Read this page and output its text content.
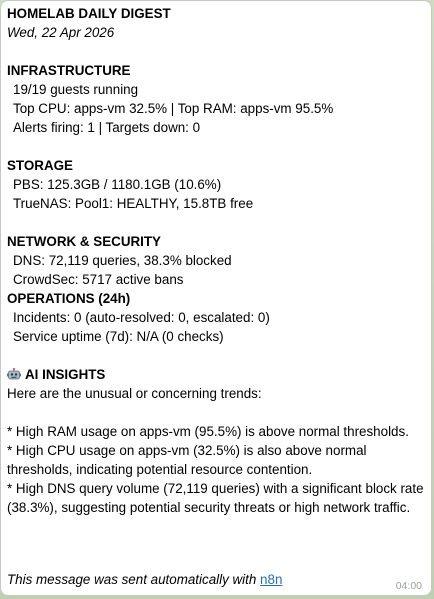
HOMELAB DAILY DIGEST
Wed, 22 Apr 2026
INFRASTRUCTURE
19/19 guests running
Top CPU: apps-vm 32.5% | Top RAM: apps-vm 95.5%
Alerts firing: 1 | Targets down: 0
STORAGE
PBS: 125.3GB / 1180.1GB (10.6%)
TrueNAS: Pool1: HEALTHY, 15.8TB free
NETWORK & SECURITY
DNS: 72,119 queries, 38.3% blocked
CrowdSec: 5717 active bans
OPERATIONS (24h)
Incidents: 0 (auto-resolved: 0, escalated: 0)
Service uptime (7d): N/A (0 checks)
AI INSIGHTS
Here are the unusual or concerning trends:
* High RAM usage on apps-vm (95.5%) is above normal thresholds.
* High CPU usage on apps-vm (32.5%) is also above normal thresholds, indicating potential resource contention.
* High DNS query volume (72,119 queries) with a significant block rate (38.3%), suggesting potential security threats or high network traffic.
This message was sent automatically with n8n	04:00
